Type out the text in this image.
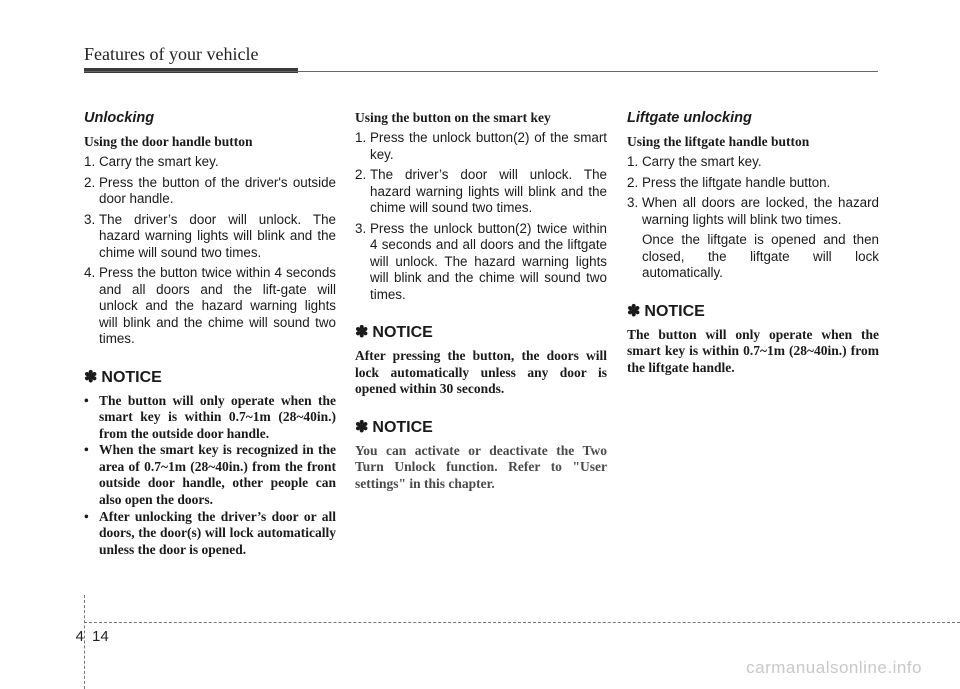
Features of your vehicle
Unlocking
Using the door handle button
1. Carry the smart key.
2. Press the button of the driver's outside door handle.
3. The driver’s door will unlock. The hazard warning lights will blink and the chime will sound two times.
4. Press the button twice within 4 seconds and all doors and the lift-gate will unlock and the hazard warning lights will blink and the chime will sound two times.
✽ NOTICE
• The button will only operate when the smart key is within 0.7~1m (28~40in.) from the outside door handle.
• When the smart key is recognized in the area of 0.7~1m (28~40in.) from the front outside door handle, other people can also open the doors.
• After unlocking the driver’s door or all doors, the door(s) will lock automatically unless the door is opened.
Using the button on the smart key
1. Press the unlock button(2) of the smart key.
2. The driver’s door will unlock. The hazard warning lights will blink and the chime will sound two times.
3. Press the unlock button(2) twice within 4 seconds and all doors and the liftgate will unlock. The hazard warning lights will blink and the chime will sound two times.
✽ NOTICE

After pressing the button, the doors will lock automatically unless any door is opened within 30 seconds.

✽ NOTICE

You can activate or deactivate the Two Turn Unlock function. Refer to "User settings" in this chapter.

Liftgate unlocking
Using the liftgate handle button
1. Carry the smart key.
2. Press the liftgate handle button.
3. When all doors are locked, the hazard warning lights will blink two times.

Once the liftgate is opened and then closed, the liftgate will lock automatically.

✽ NOTICE

The button will only operate when the smart key is within 0.7~1m (28~40in.) from the liftgate handle.

4 14
carmanualsonline.info
